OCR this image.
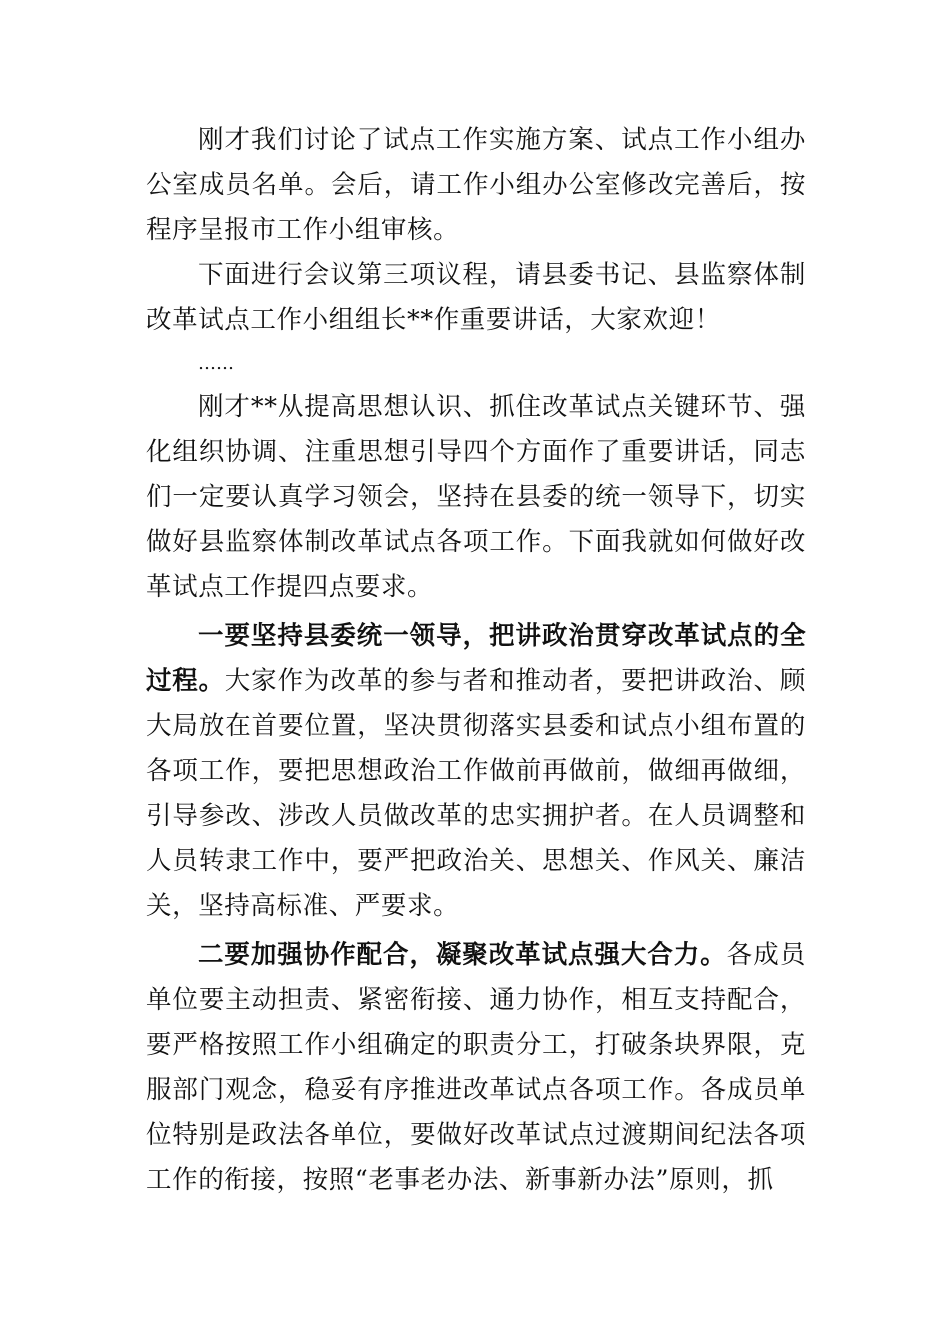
刚才我们讨论了试点工作实施方案、试点工作小组办公室成员名单。会后，请工作小组办公室修改完善后，按程序呈报市工作小组审核。

下面进行会议第三项议程，请县委书记、县监察体制改革试点工作小组组长**作重要讲话，大家欢迎！

……

刚才**从提高思想认识、抓住改革试点关键环节、强化组织协调、注重思想引导四个方面作了重要讲话，同志们一定要认真学习领会，坚持在县委的统一领导下，切实做好县监察体制改革试点各项工作。下面我就如何做好改革试点工作提四点要求。

一要坚持县委统一领导，把讲政治贯穿改革试点的全过程。大家作为改革的参与者和推动者，要把讲政治、顾大局放在首要位置，坚决贯彻落实县委和试点小组布置的各项工作，要把思想政治工作做前再做前，做细再做细，引导参改、涉改人员做改革的忠实拥护者。在人员调整和人员转隶工作中，要严把政治关、思想关、作风关、廉洁关，坚持高标准、严要求。

二要加强协作配合，凝聚改革试点强大合力。各成员单位要主动担责、紧密衔接、通力协作，相互支持配合，要严格按照工作小组确定的职责分工，打破条块界限，克服部门观念，稳妥有序推进改革试点各项工作。各成员单位特别是政法各单位，要做好改革试点过渡期间纪法各项工作的衔接，按照“老事老办法、新事新办法”原则，抓
